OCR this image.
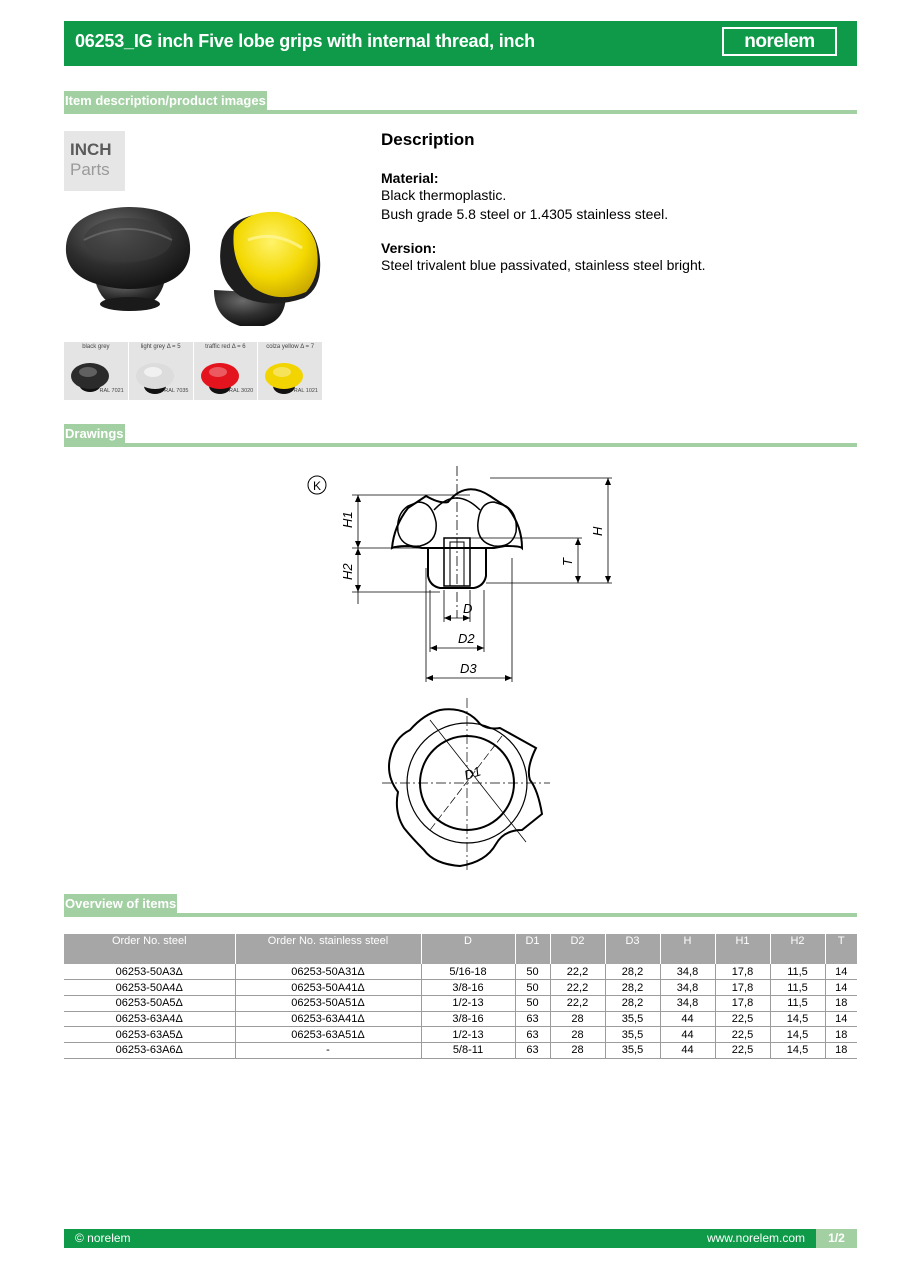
06253_IG inch Five lobe grips with internal thread, inch	norelem
Item description/product images
INCH
Parts
black grey
RAL 7021
light grey Δ = 5
RAL 7035
traffic red Δ = 6
RAL 3020
colza yellow Δ = 7
RAL 1021
Description
Material:
Black thermoplastic.
Bush grade 5.8 steel or 1.4305 stainless steel.
Version:
Steel trivalent blue passivated, stainless steel bright.
Drawings
K
H1
H2
H
T
D
D2
D3
D1
Overview of items
Order No. steel	Order No. stainless steel	D	D1	D2	D3	H	H1	H2	T
06253-50A3Δ	06253-50A31Δ	5/16-18	50	22,2	28,2	34,8	17,8	11,5	14
06253-50A4Δ	06253-50A41Δ	3/8-16	50	22,2	28,2	34,8	17,8	11,5	14
06253-50A5Δ	06253-50A51Δ	1/2-13	50	22,2	28,2	34,8	17,8	11,5	18
06253-63A4Δ	06253-63A41Δ	3/8-16	63	28	35,5	44	22,5	14,5	14
06253-63A5Δ	06253-63A51Δ	1/2-13	63	28	35,5	44	22,5	14,5	18
06253-63A6Δ	-	5/8-11	63	28	35,5	44	22,5	14,5	18
© norelem	www.norelem.com	1/2
